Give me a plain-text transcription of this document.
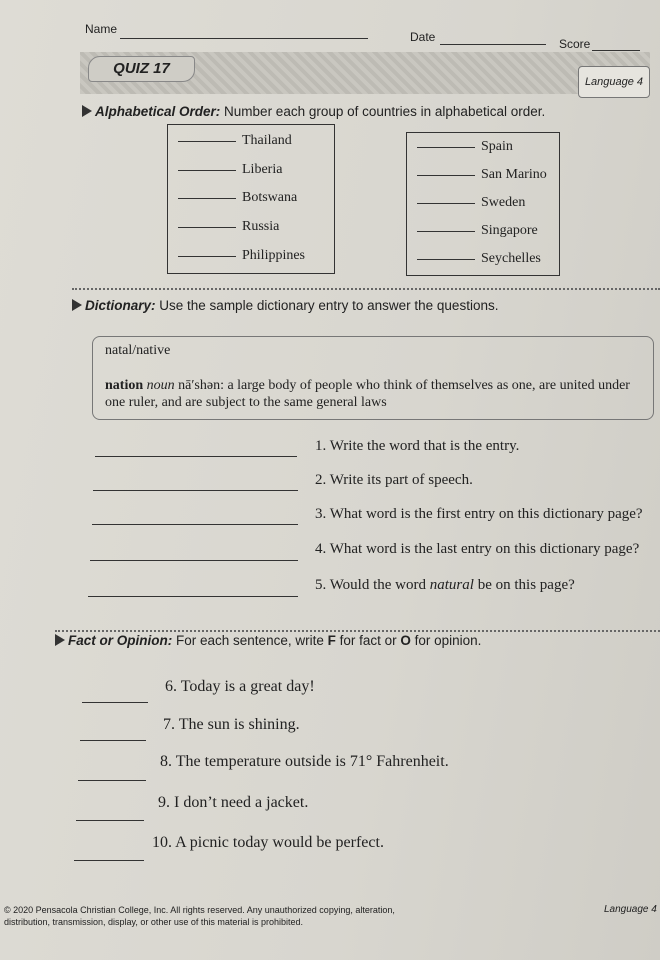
Name
Date	Score
QUIZ 17
Language 4
Alphabetical Order: Number each group of countries in alphabetical order.
Thailand
Liberia
Botswana
Russia
Philippines
Spain
San Marino
Sweden
Singapore
Seychelles
Dictionary: Use the sample dictionary entry to answer the questions.
natal/native
nation noun nā′shən: a large body of people who think of themselves as one, are united under one ruler, and are subject to the same general laws
1. Write the word that is the entry.
2. Write its part of speech.
3. What word is the first entry on this dictionary page?
4. What word is the last entry on this dictionary page?
5. Would the word natural be on this page?
Fact or Opinion: For each sentence, write F for fact or O for opinion.
6. Today is a great day!
7. The sun is shining.
8. The temperature outside is 71° Fahrenheit.
9. I don’t need a jacket.
10. A picnic today would be perfect.
© 2020 Pensacola Christian College, Inc. All rights reserved. Any unauthorized copying, alteration,
distribution, transmission, display, or other use of this material is prohibited.
Language 4
